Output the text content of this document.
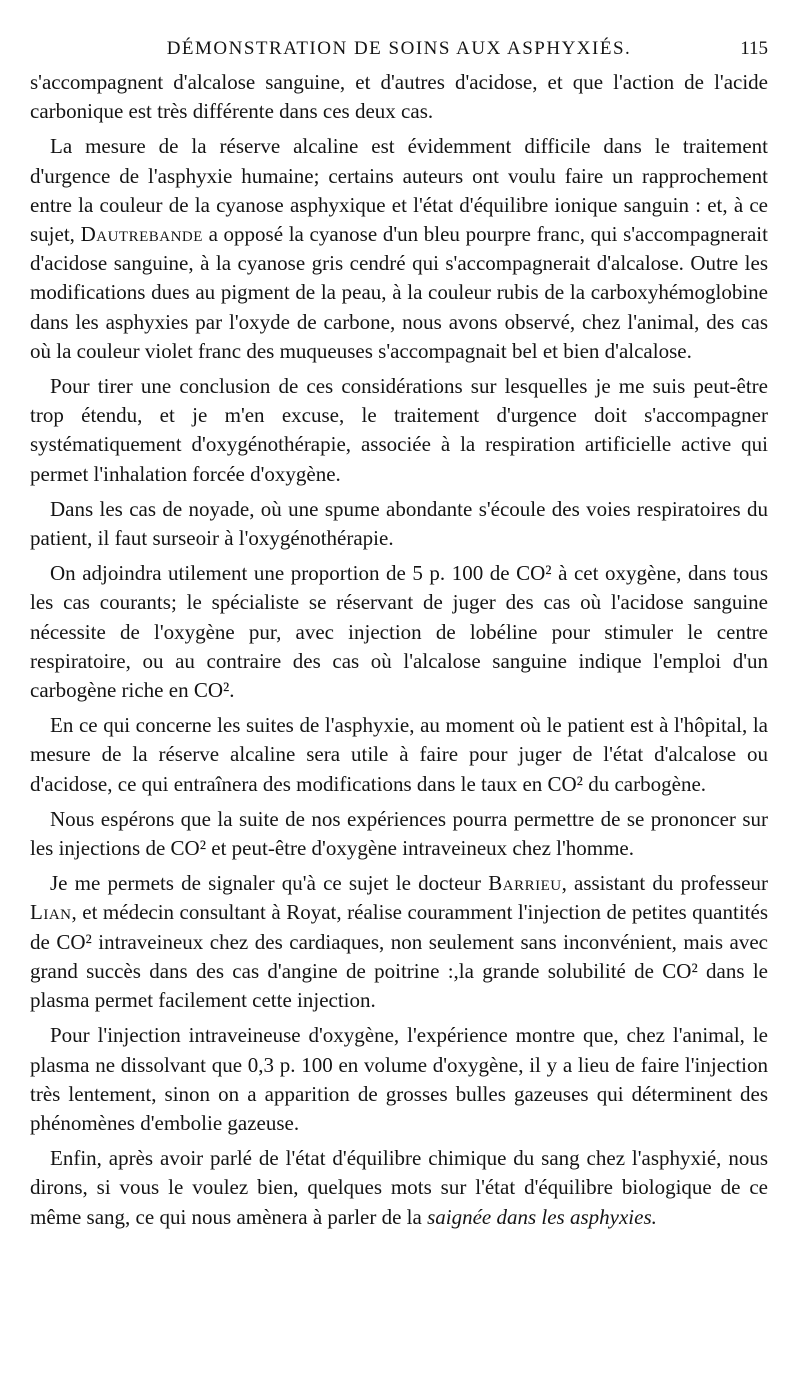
DÉMONSTRATION DE SOINS AUX ASPHYXIÉS.	115

s'accompagnent d'alcalose sanguine, et d'autres d'acidose, et que l'action de l'acide carbonique est très différente dans ces deux cas.

La mesure de la réserve alcaline est évidemment difficile dans le traitement d'urgence de l'asphyxie humaine; certains auteurs ont voulu faire un rapprochement entre la couleur de la cyanose asphyxique et l'état d'équilibre ionique sanguin : et, à ce sujet, Dautrebande a opposé la cyanose d'un bleu pourpre franc, qui s'accompagnerait d'acidose sanguine, à la cyanose gris cendré qui s'accompagnerait d'alcalose. Outre les modifications dues au pigment de la peau, à la couleur rubis de la carboxyhémoglobine dans les asphyxies par l'oxyde de carbone, nous avons observé, chez l'animal, des cas où la couleur violet franc des muqueuses s'accompagnait bel et bien d'alcalose.

Pour tirer une conclusion de ces considérations sur lesquelles je me suis peut-être trop étendu, et je m'en excuse, le traitement d'urgence doit s'accompagner systématiquement d'oxygénothérapie, associée à la respiration artificielle active qui permet l'inhalation forcée d'oxygène.

Dans les cas de noyade, où une spume abondante s'écoule des voies respiratoires du patient, il faut surseoir à l'oxygénothérapie.

On adjoindra utilement une proportion de 5 p. 100 de CO² à cet oxygène, dans tous les cas courants; le spécialiste se réservant de juger des cas où l'acidose sanguine nécessite de l'oxygène pur, avec injection de lobéline pour stimuler le centre respiratoire, ou au contraire des cas où l'alcalose sanguine indique l'emploi d'un carbogène riche en CO².

En ce qui concerne les suites de l'asphyxie, au moment où le patient est à l'hôpital, la mesure de la réserve alcaline sera utile à faire pour juger de l'état d'alcalose ou d'acidose, ce qui entraînera des modifications dans le taux en CO² du carbogène.

Nous espérons que la suite de nos expériences pourra permettre de se prononcer sur les injections de CO² et peut-être d'oxygène intraveineux chez l'homme.

Je me permets de signaler qu'à ce sujet le docteur Barrieu, assistant du professeur Lian, et médecin consultant à Royat, réalise couramment l'injection de petites quantités de CO² intraveineux chez des cardiaques, non seulement sans inconvénient, mais avec grand succès dans des cas d'angine de poitrine :,la grande solubilité de CO² dans le plasma permet facilement cette injection.

Pour l'injection intraveineuse d'oxygène, l'expérience montre que, chez l'animal, le plasma ne dissolvant que 0,3 p. 100 en volume d'oxygène, il y a lieu de faire l'injection très lentement, sinon on a apparition de grosses bulles gazeuses qui déterminent des phénomènes d'embolie gazeuse.

Enfin, après avoir parlé de l'état d'équilibre chimique du sang chez l'asphyxié, nous dirons, si vous le voulez bien, quelques mots sur l'état d'équilibre biologique de ce même sang, ce qui nous amènera à parler de la saignée dans les asphyxies.
